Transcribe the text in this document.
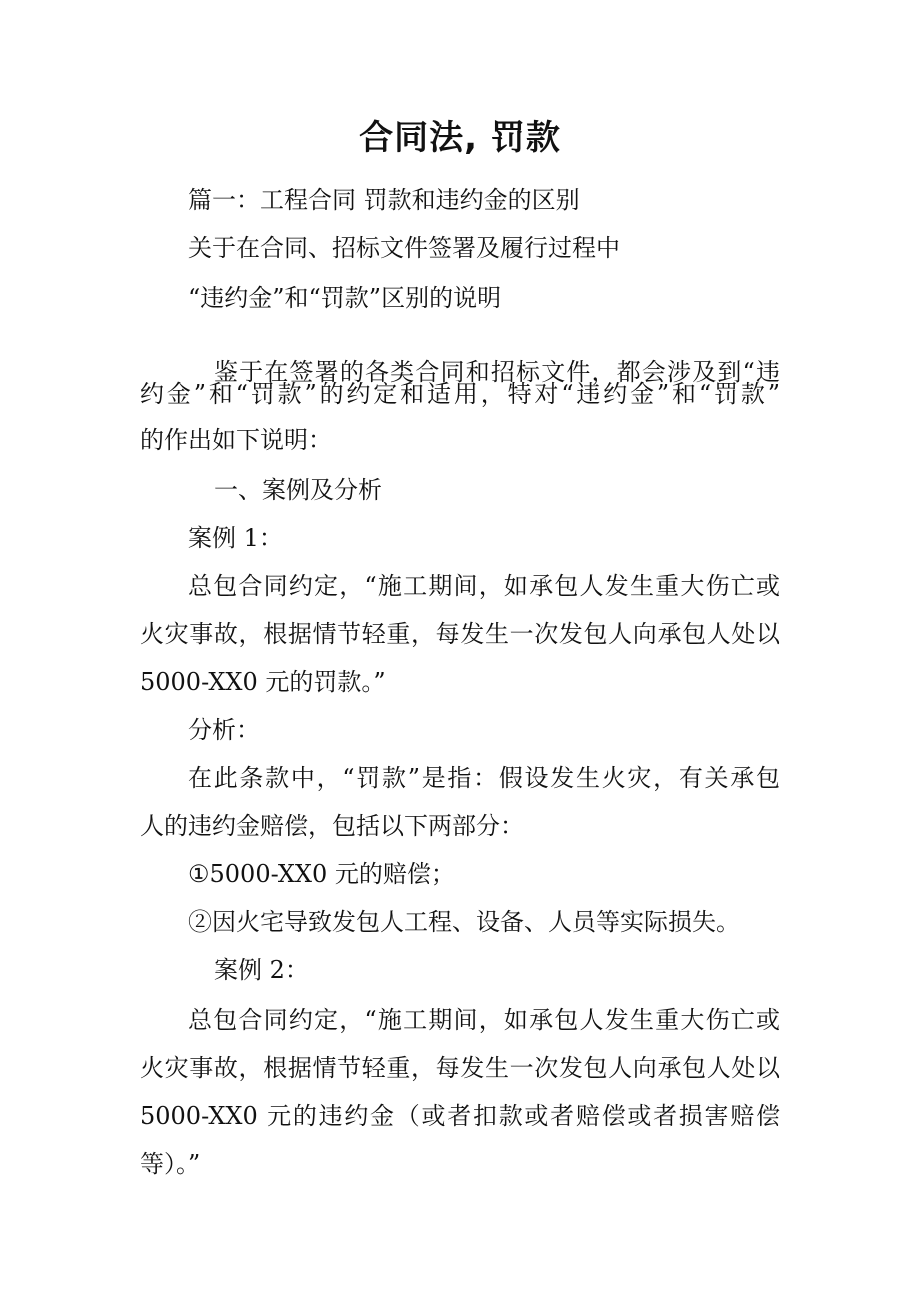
合同法, 罚款
篇一：工程合同 罚款和违约金的区别
关于在合同、招标文件签署及履行过程中
“违约金”和“罚款”区别的说明
鉴于在签署的各类合同和招标文件，都会涉及到“违
约金”和“罚款”的约定和适用，特对“违约金”和“罚款”
的作出如下说明：
一、案例及分析
案例 1：
总包合同约定，“施工期间，如承包人发生重大伤亡或
火灾事故，根据情节轻重，每发生一次发包人向承包人处以
5000-XX0 元的罚款。”
分析：
在此条款中，“罚款”是指：假设发生火灾，有关承包
人的违约金赔偿，包括以下两部分：
①5000-XX0 元的赔偿；
②因火宅导致发包人工程、设备、人员等实际损失。
案例 2：
总包合同约定，“施工期间，如承包人发生重大伤亡或
火灾事故，根据情节轻重，每发生一次发包人向承包人处以
5000-XX0 元的违约金（或者扣款或者赔偿或者损害赔偿
等）。”
